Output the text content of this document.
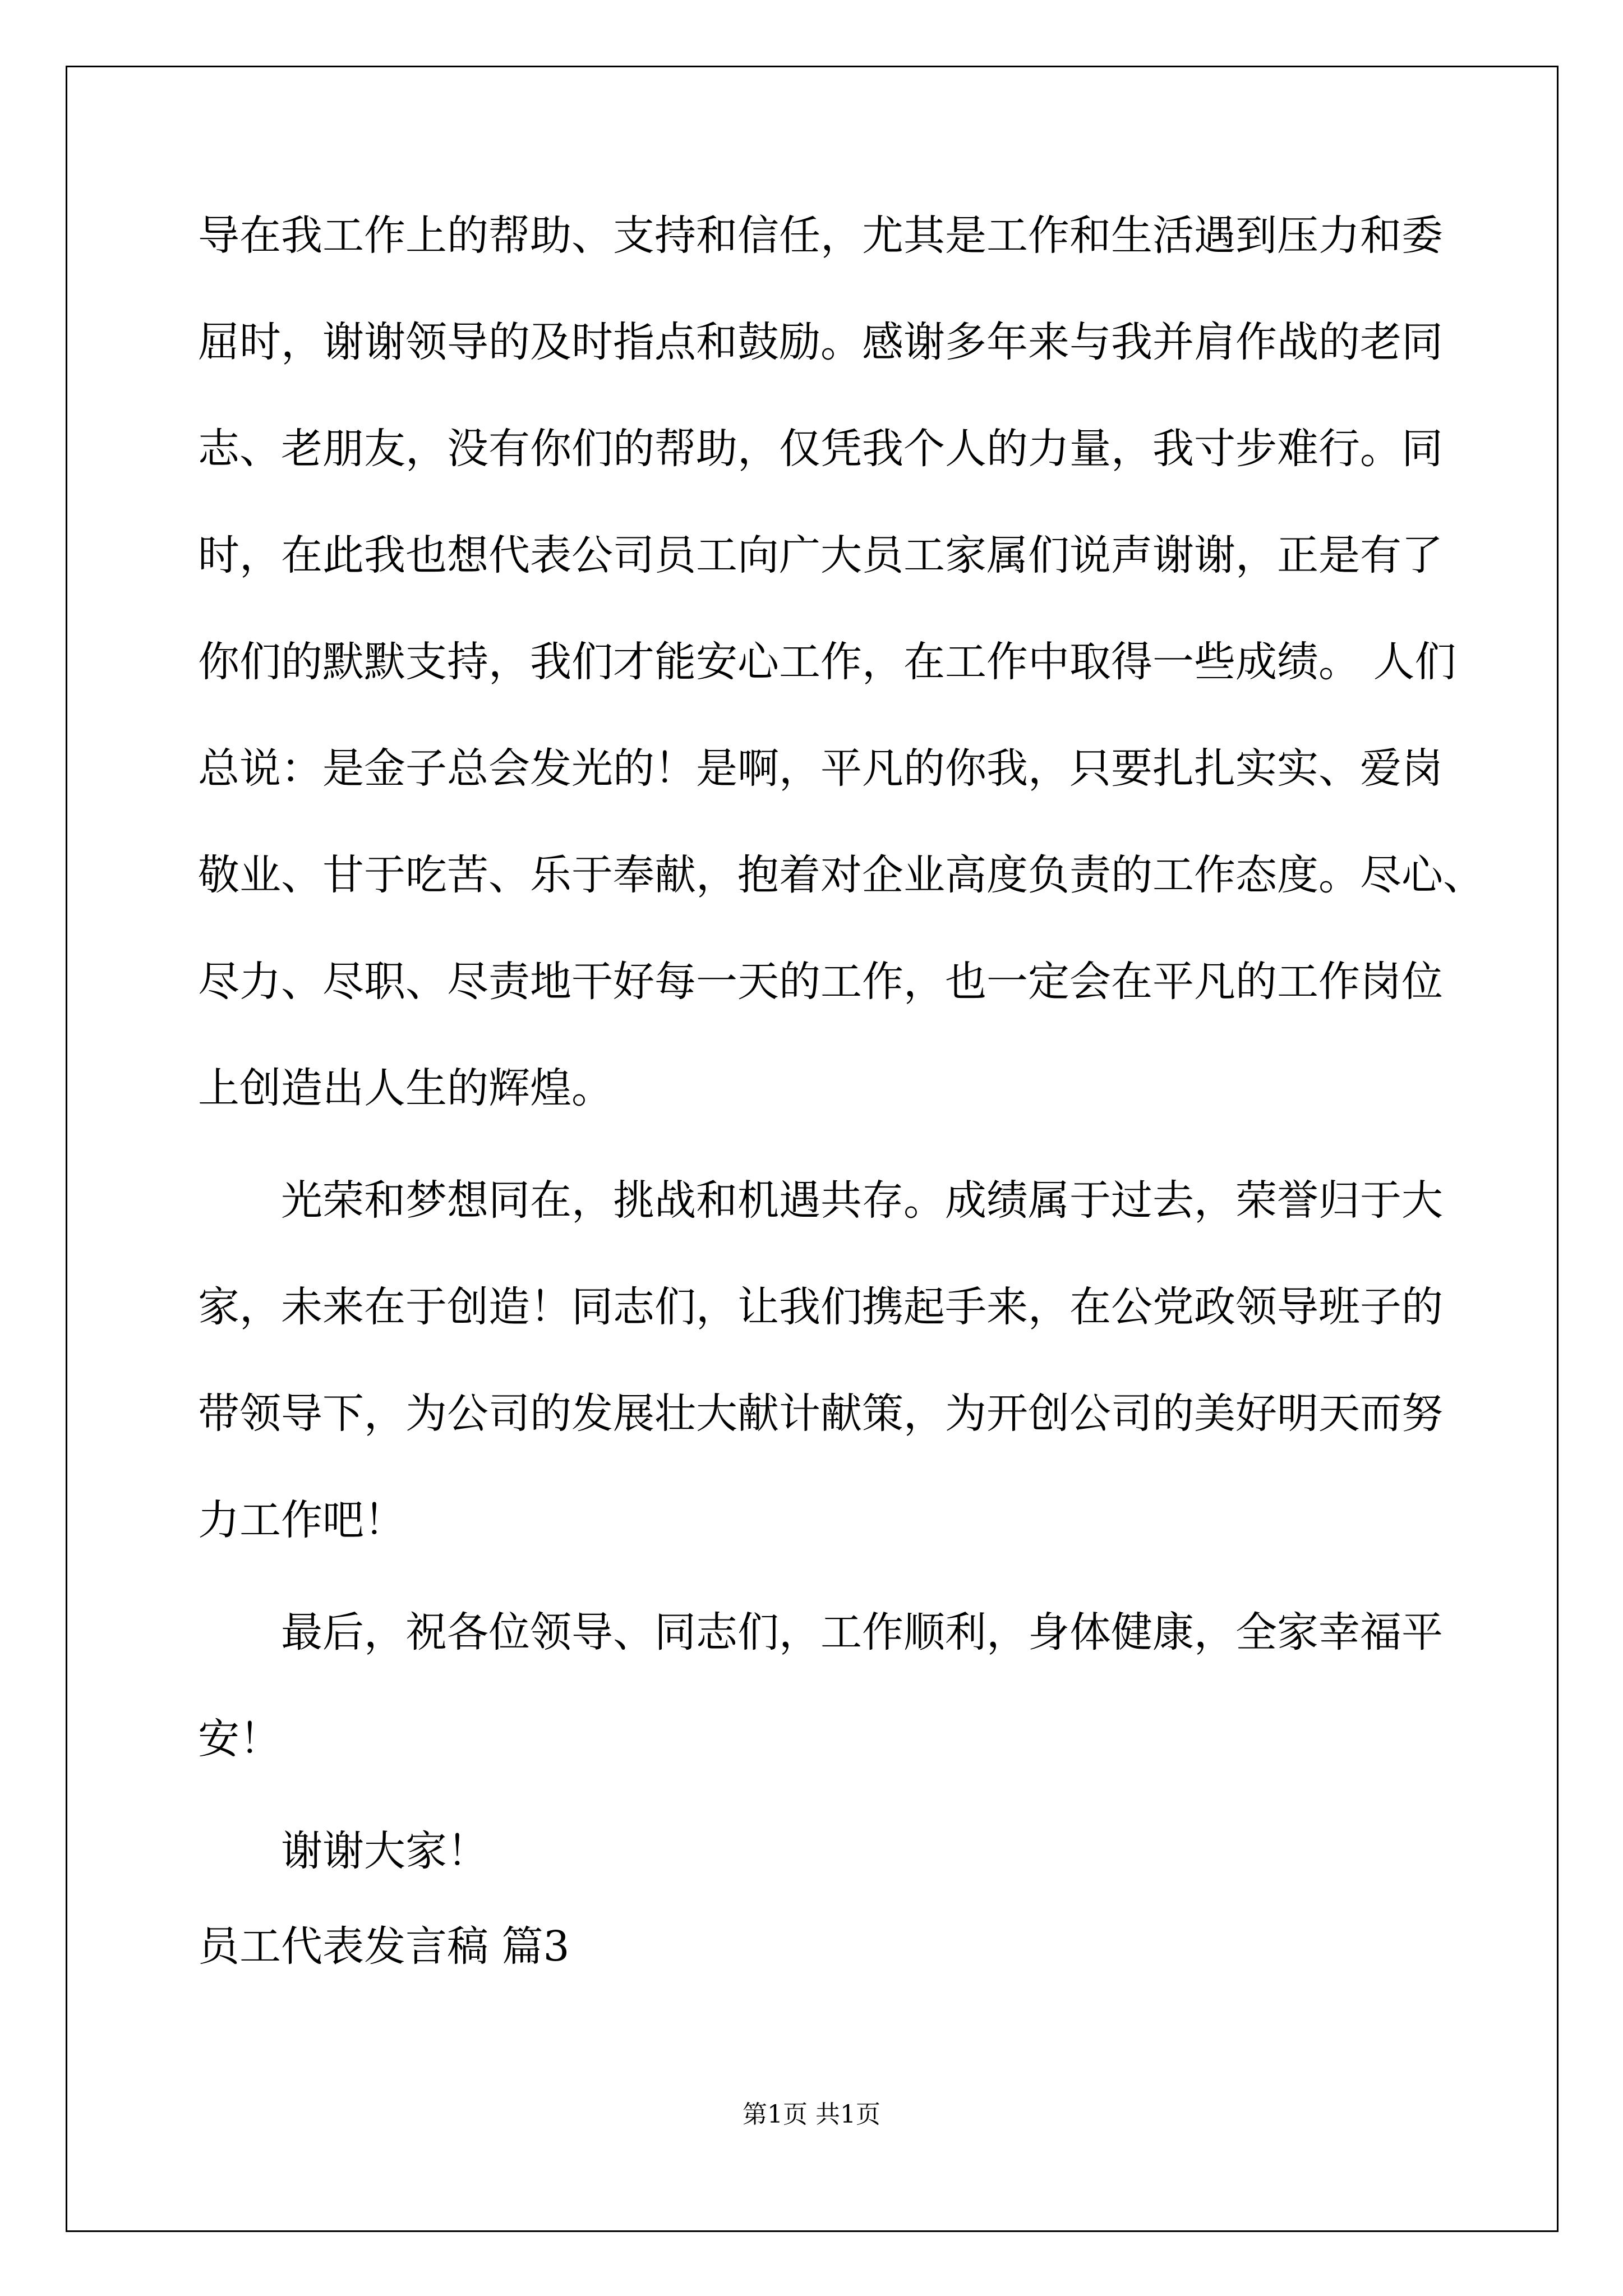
导在我工作上的帮助、支持和信任，尤其是工作和生活遇到压力和委
屈时，谢谢领导的及时指点和鼓励。感谢多年来与我并肩作战的老同
志、老朋友，没有你们的帮助，仅凭我个人的力量，我寸步难行。同
时，在此我也想代表公司员工向广大员工家属们说声谢谢，正是有了
你们的默默支持，我们才能安心工作，在工作中取得一些成绩。 人们
总说：是金子总会发光的！是啊，平凡的你我，只要扎扎实实、爱岗
敬业、甘于吃苦、乐于奉献，抱着对企业高度负责的工作态度。尽心、
尽力、尽职、尽责地干好每一天的工作，也一定会在平凡的工作岗位
上创造出人生的辉煌。
光荣和梦想同在，挑战和机遇共存。成绩属于过去，荣誉归于大
家，未来在于创造！同志们，让我们携起手来，在公党政领导班子的
带领导下，为公司的发展壮大献计献策，为开创公司的美好明天而努
力工作吧！
最后，祝各位领导、同志们，工作顺利，身体健康，全家幸福平
安！
谢谢大家！
员工代表发言稿 篇3
第1页 共1页
